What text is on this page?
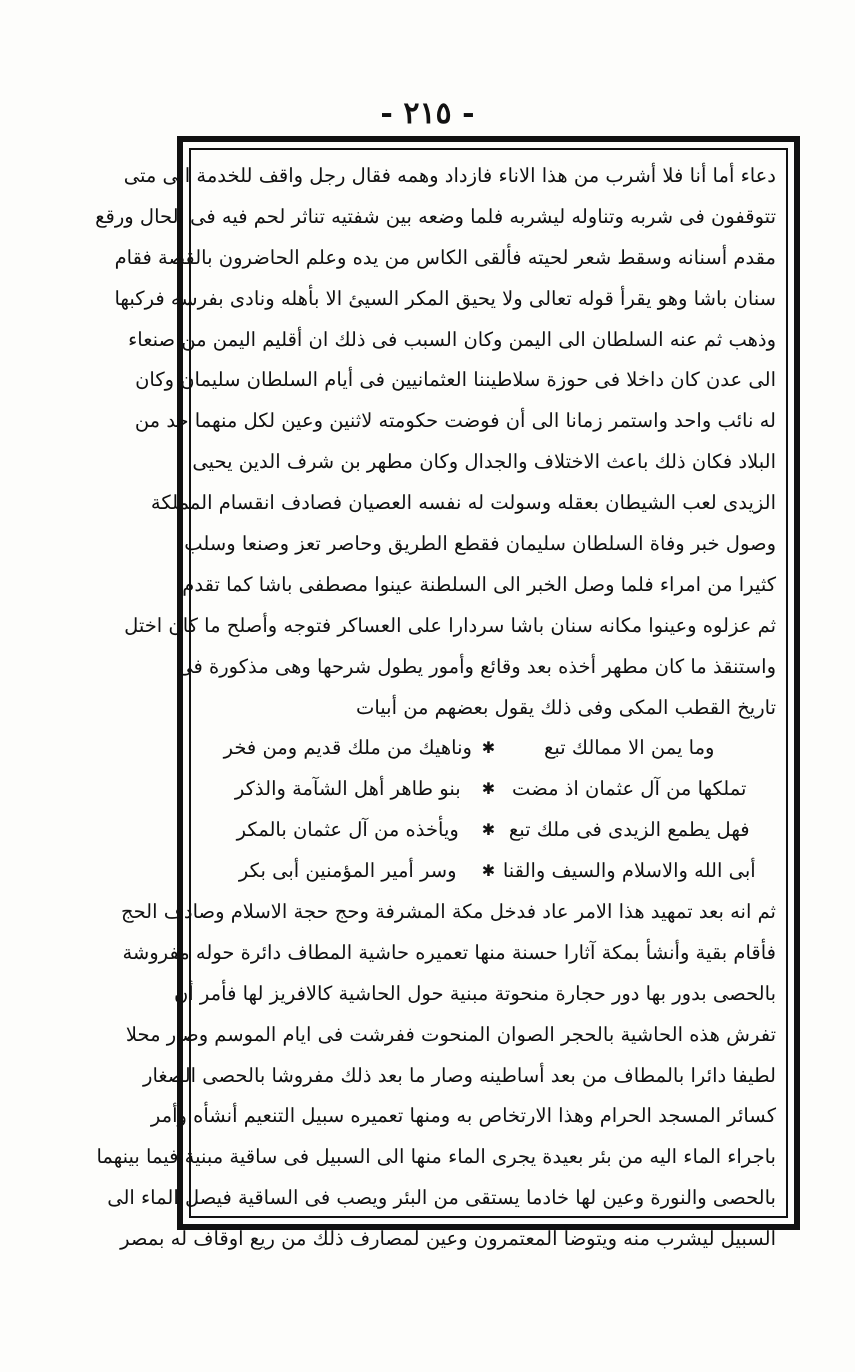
- ٢١٥ -
دعاء أما أنا فلا أشرب من هذا الاناء فازداد وهمه فقال رجل واقف للخدمة الى متى
تتوقفون فى شربه وتناوله ليشربه فلما وضعه بين شفتيه تناثر لحم فيه فى الحال ورقع
مقدم أسنانه وسقط شعر لحيته فألقى الكاس من يده وعلم الحاضرون بالقصة فقام
سنان باشا وهو يقرأ قوله تعالى ولا يحيق المكر السيئ الا بأهله ونادى بفرسه فركبها
وذهب ثم عنه السلطان الى اليمن وكان السبب فى ذلك ان أقليم اليمن من صنعاء
الى عدن كان داخلا فى حوزة سلاطيننا العثمانيين فى أيام السلطان سليمان وكان
له نائب واحد واستمر زمانا الى أن فوضت حكومته لاثنين وعين لكل منهما حد من
البلاد فكان ذلك باعث الاختلاف والجدال وكان مطهر بن شرف الدين يحيى
الزيدى لعب الشيطان بعقله وسولت له نفسه العصيان فصادف انقسام المملكة
وصول خبر وفاة السلطان سليمان فقطع الطريق وحاصر تعز وصنعا وسلب
كثيرا من امراء فلما وصل الخبر الى السلطنة عينوا مصطفى باشا كما تقدم
ثم عزلوه وعينوا مكانه سنان باشا سردارا على العساكر فتوجه وأصلح ما كان اختل
واستنقذ ما كان مطهر أخذه بعد وقائع وأمور يطول شرحها وهى مذكورة فى
تاريخ القطب المكى وفى ذلك يقول بعضهم من أبيات
وما يمن الا ممالك تبع
✱
وناهيك من ملك قديم ومن فخر
تملكها من آل عثمان اذ مضت
✱
بنو طاهر أهل الشآمة والذكر
فهل يطمع الزيدى فى ملك تبع
✱
ويأخذه من آل عثمان بالمكر
أبى الله والاسلام والسيف والقنا
✱
وسر أمير المؤمنين أبى بكر
ثم انه بعد تمهيد هذا الامر عاد فدخل مكة المشرفة وحج حجة الاسلام وصادف الحج
فأقام بقية وأنشأ بمكة آثارا حسنة منها تعميره حاشية المطاف دائرة حوله مفروشة
بالحصى بدور بها دور حجارة منحوتة مبنية حول الحاشية كالافريز لها فأمر أن
تفرش هذه الحاشية بالحجر الصوان المنحوت ففرشت فى ايام الموسم وصار محلا
لطيفا دائرا بالمطاف من بعد أساطينه وصار ما بعد ذلك مفروشا بالحصى الصغار
كسائر المسجد الحرام وهذا الارتخاص به ومنها تعميره سبيل التنعيم أنشأه وأمر
باجراء الماء اليه من بئر بعيدة يجرى الماء منها الى السبيل فى ساقية مبنية فيما بينهما
بالحصى والنورة وعين لها خادما يستقى من البئر ويصب فى الساقية فيصل الماء الى
السبيل ليشرب منه ويتوضأ المعتمرون وعين لمصارف ذلك من ريع أوقاف له بمصر
